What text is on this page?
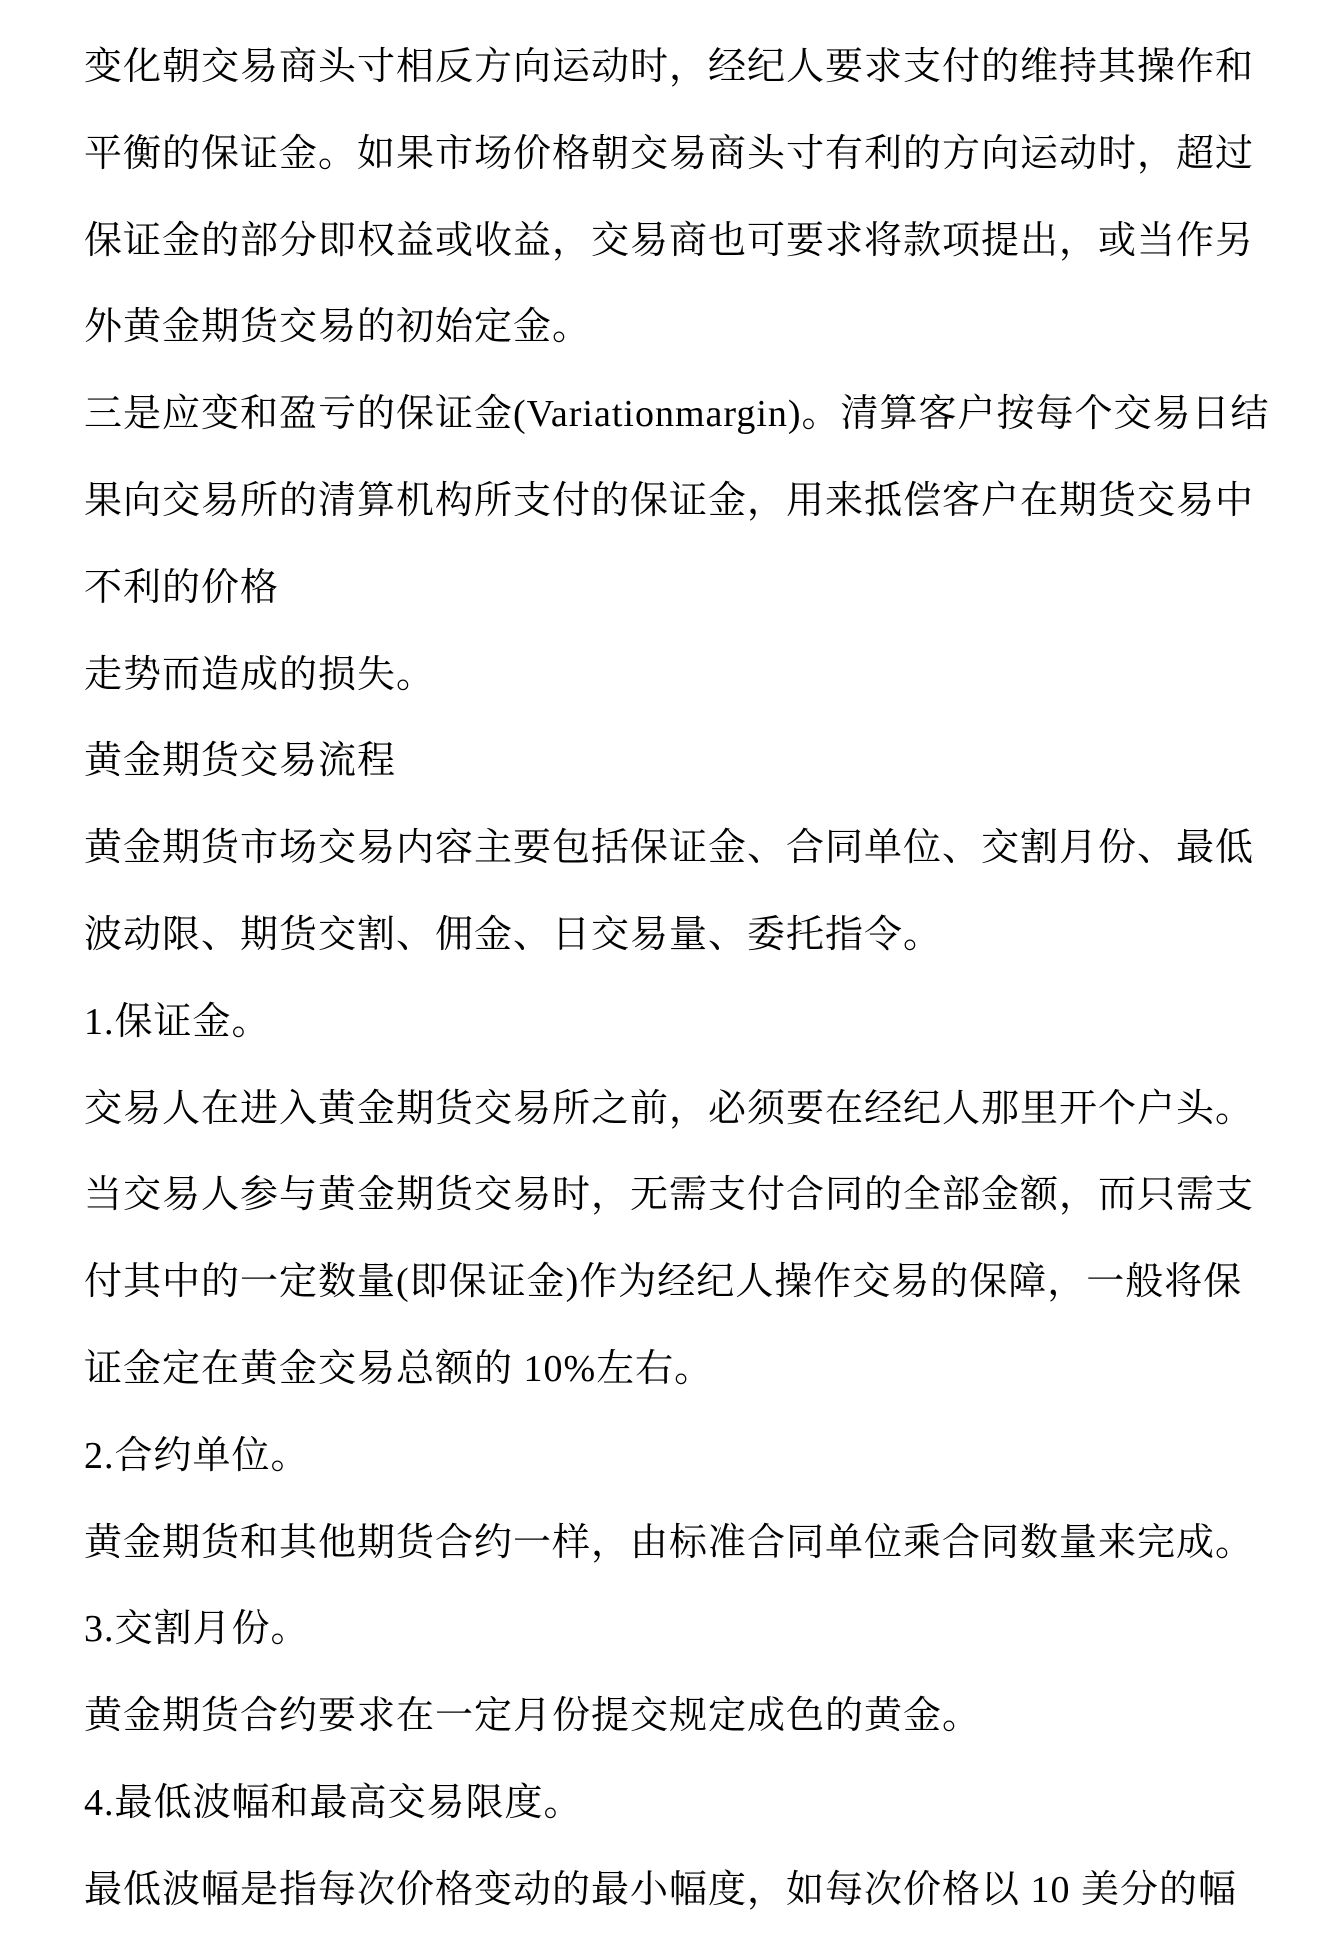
变化朝交易商头寸相反方向运动时，经纪人要求支付的维持其操作和
平衡的保证金。如果市场价格朝交易商头寸有利的方向运动时，超过
保证金的部分即权益或收益，交易商也可要求将款项提出，或当作另
外黄金期货交易的初始定金。
三是应变和盈亏的保证金(Variationmargin)。清算客户按每个交易日结
果向交易所的清算机构所支付的保证金，用来抵偿客户在期货交易中
不利的价格
走势而造成的损失。
黄金期货交易流程
黄金期货市场交易内容主要包括保证金、合同单位、交割月份、最低
波动限、期货交割、佣金、日交易量、委托指令。
1.保证金。
交易人在进入黄金期货交易所之前，必须要在经纪人那里开个户头。
当交易人参与黄金期货交易时，无需支付合同的全部金额，而只需支
付其中的一定数量(即保证金)作为经纪人操作交易的保障，一般将保
证金定在黄金交易总额的 10%左右。
2.合约单位。
黄金期货和其他期货合约一样，由标准合同单位乘合同数量来完成。
3.交割月份。
黄金期货合约要求在一定月份提交规定成色的黄金。
4.最低波幅和最高交易限度。
最低波幅是指每次价格变动的最小幅度，如每次价格以 10 美分的幅
